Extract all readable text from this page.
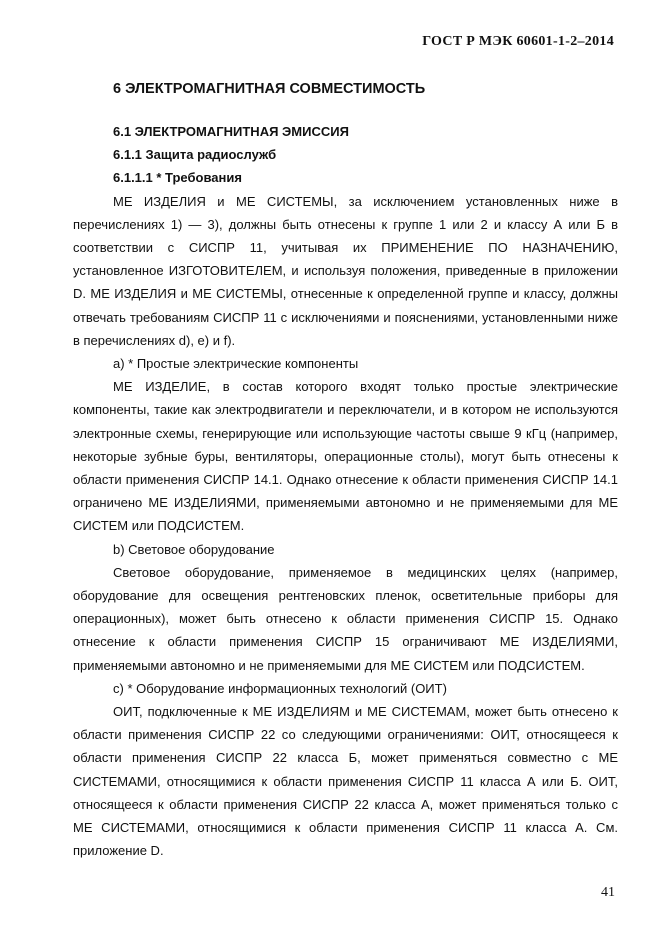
ГОСТ Р МЭК 60601-1-2–2014
6 ЭЛЕКТРОМАГНИТНАЯ СОВМЕСТИМОСТЬ
6.1 ЭЛЕКТРОМАГНИТНАЯ ЭМИССИЯ
6.1.1 Защита радиослужб
6.1.1.1 * Требования

МЕ ИЗДЕЛИЯ и МЕ СИСТЕМЫ, за исключением установленных ниже в перечислениях 1) — 3), должны быть отнесены к группе 1 или 2 и классу А или Б в соответствии с СИСПР 11, учитывая их ПРИМЕНЕНИЕ ПО НАЗНАЧЕНИЮ, установленное ИЗГОТОВИТЕЛЕМ, и используя положения, приведенные в приложении D. МЕ ИЗДЕЛИЯ и МЕ СИСТЕМЫ, отнесенные к определенной группе и классу, должны отвечать требованиям СИСПР 11 с исключениями и пояснениями, установленными ниже в перечислениях d), e) и f).

a) * Простые электрические компоненты

МЕ ИЗДЕЛИЕ, в состав которого входят только простые электрические компоненты, такие как электродвигатели и переключатели, и в котором не используются электронные схемы, генерирующие или использующие частоты свыше 9 кГц (например, некоторые зубные буры, вентиляторы, операционные столы), могут быть отнесены к области применения СИСПР 14.1. Однако отнесение к области применения СИСПР 14.1 ограничено МЕ ИЗДЕЛИЯМИ, применяемыми автономно и не применяемыми для МЕ СИСТЕМ или ПОДСИСТЕМ.

b) Световое оборудование

Световое оборудование, применяемое в медицинских целях (например, оборудование для освещения рентгеновских пленок, осветительные приборы для операционных), может быть отнесено к области применения СИСПР 15. Однако отнесение к области применения СИСПР 15 ограничивают МЕ ИЗДЕЛИЯМИ, применяемыми автономно и не применяемыми для МЕ СИСТЕМ или ПОДСИСТЕМ.

c) * Оборудование информационных технологий (ОИТ)

ОИТ, подключенные к МЕ ИЗДЕЛИЯМ и МЕ СИСТЕМАМ, может быть отнесено к области применения СИСПР 22 со следующими ограничениями: ОИТ, относящееся к области применения СИСПР 22 класса Б, может применяться совместно с МЕ СИСТЕМАМИ, относящимися к области применения СИСПР 11 класса А или Б. ОИТ, относящееся к области применения СИСПР 22 класса А, может применяться только с МЕ СИСТЕМАМИ, относящимися к области применения СИСПР 11 класса А. См. приложение D.

41
